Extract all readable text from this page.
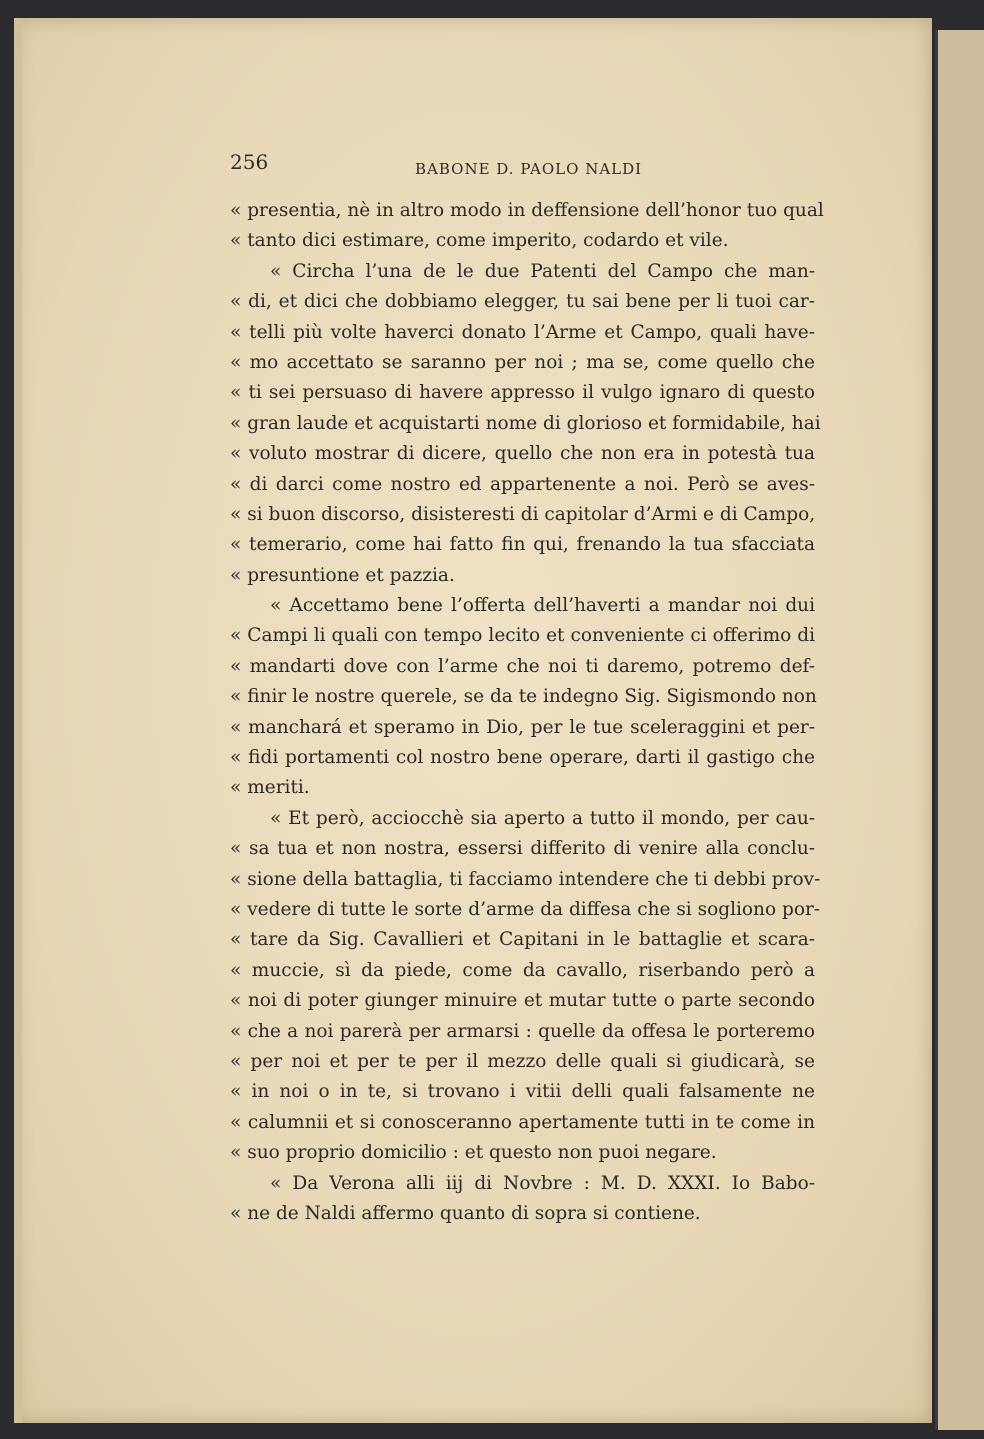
256	BABONE D. PAOLO NALDI
« presentia, nè in altro modo in deffensione dell’honor tuo qual
« tanto dici estimare, come imperito, codardo et vile.
« Circha l’una de le due Patenti del Campo che man-
« di, et dici che dobbiamo elegger, tu sai bene per li tuoi car-
« telli più volte haverci donato l’Arme et Campo, quali have-
« mo accettato se saranno per noi ; ma se, come quello che
« ti sei persuaso di havere appresso il vulgo ignaro di questo
« gran laude et acquistarti nome di glorioso et formidabile, hai
« voluto mostrar di dicere, quello che non era in potestà tua
« di darci come nostro ed appartenente a noi. Però se aves-
« si buon discorso, disisteresti di capitolar d’Armi e di Campo,
« temerario, come hai fatto fin qui, frenando la tua sfacciata
« presuntione et pazzia.
« Accettamo bene l’offerta dell’haverti a mandar noi dui
« Campi li quali con tempo lecito et conveniente ci offerimo di
« mandarti dove con l’arme che noi ti daremo, potremo def-
« finir le nostre querele, se da te indegno Sig. Sigismondo non
« manchará et speramo in Dio, per le tue sceleraggini et per-
« fidi portamenti col nostro bene operare, darti il gastigo che
« meriti.
« Et però, acciocchè sia aperto a tutto il mondo, per cau-
« sa tua et non nostra, essersi differito di venire alla conclu-
« sione della battaglia, ti facciamo intendere che ti debbi prov-
« vedere di tutte le sorte d’arme da diffesa che si sogliono por-
« tare da Sig. Cavallieri et Capitani in le battaglie et scara-
« muccie, sì da piede, come da cavallo, riserbando però a
« noi di poter giunger minuire et mutar tutte o parte secondo
« che a noi parerà per armarsi : quelle da offesa le porteremo
« per noi et per te per il mezzo delle quali si giudicarà, se
« in noi o in te, si trovano i vitii delli quali falsamente ne
« calumnii et si conosceranno apertamente tutti in te come in
« suo proprio domicilio : et questo non puoi negare.
« Da Verona alli iij di Novbre : M. D. XXXI. Io Babo-
« ne de Naldi affermo quanto di sopra si contiene.
